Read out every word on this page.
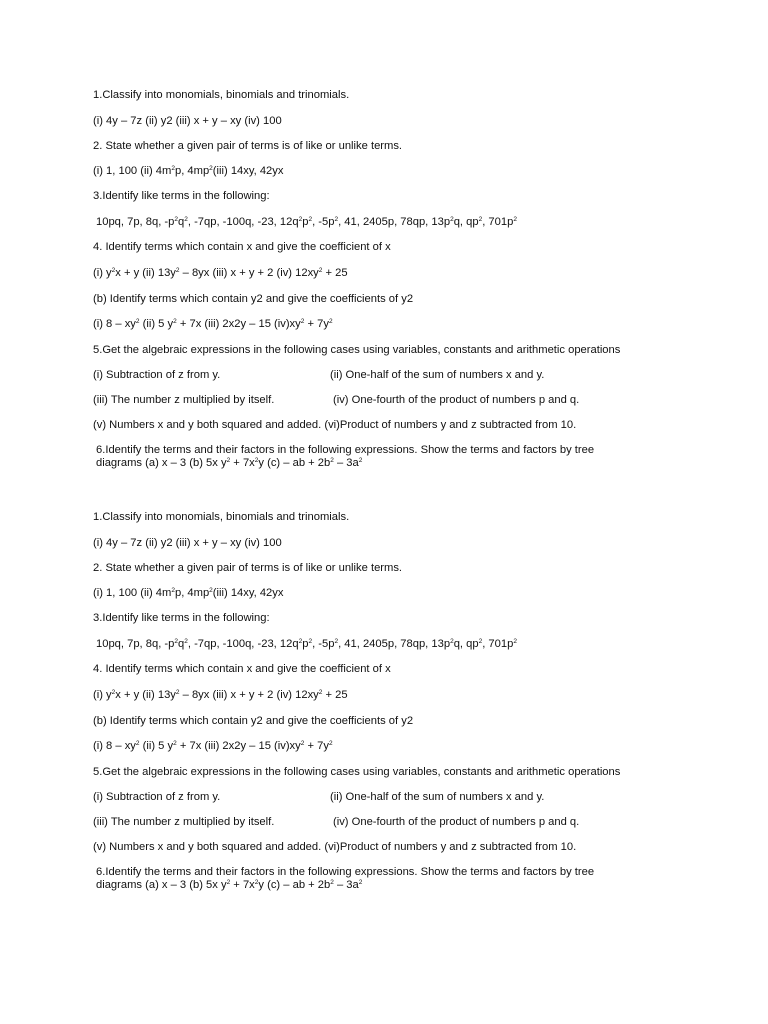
1.Classify into monomials, binomials and trinomials.
(i) 4y – 7z (ii) y2 (iii) x + y – xy (iv) 100
2. State whether a given pair of terms is of like or unlike terms.
(i) 1, 100 (ii) $4m^2p$, $4mp^2(iii)$ 14xy, 42yx
3.Identify like terms in the following:
10pq, 7p, 8q, $-p^2q^2$, -7qp, -100q, -23, $12q^2p^2$, $-5p^2$, 41, 2405p, 78qp, $13p^2q$, $qp^2$, $701p^2$
4. Identify terms which contain x and give the coefficient of x
(i) $y^2x + y$ (ii) $13y^2 - 8yx$ (iii) x + y + 2 (iv) $12xy^2 + 25$
(b) Identify terms which contain y2 and give the coefficients of y2
(i) $8 - xy^2$ (ii) 5 $y^2 + 7x$ (iii) 2x2y – 15 $(iv)xy^2 + 7y^2$
5.Get the algebraic expressions in the following cases using variables, constants and arithmetic operations
(i) Subtraction of z from y.	(ii) One-half of the sum of numbers x and y.
(iii) The number z multiplied by itself.	(iv) One-fourth of the product of numbers p and q.
(v) Numbers x and y both squared and added. (vi)Product of numbers y and z subtracted from 10.
6.Identify the terms and their factors in the following expressions. Show the terms and factors by tree diagrams (a) x – 3 (b) 5x $y^2 + 7x^2y$ (c) – ab + $2b^2 - 3a^2$
1.Classify into monomials, binomials and trinomials.
(i) 4y – 7z (ii) y2 (iii) x + y – xy (iv) 100
2. State whether a given pair of terms is of like or unlike terms.
(i) 1, 100 (ii) $4m^2p$, $4mp^2(iii)$ 14xy, 42yx
3.Identify like terms in the following:
10pq, 7p, 8q, $-p^2q^2$, -7qp, -100q, -23, $12q^2p^2$, $-5p^2$, 41, 2405p, 78qp, $13p^2q$, $qp^2$, $701p^2$
4. Identify terms which contain x and give the coefficient of x
(i) $y^2x + y$ (ii) $13y^2 - 8yx$ (iii) x + y + 2 (iv) $12xy^2 + 25$
(b) Identify terms which contain y2 and give the coefficients of y2
(i) $8 - xy^2$ (ii) 5 $y^2 + 7x$ (iii) 2x2y – 15 $(iv)xy^2 + 7y^2$
5.Get the algebraic expressions in the following cases using variables, constants and arithmetic operations
(i) Subtraction of z from y.	(ii) One-half of the sum of numbers x and y.
(iii) The number z multiplied by itself.	(iv) One-fourth of the product of numbers p and q.
(v) Numbers x and y both squared and added. (vi)Product of numbers y and z subtracted from 10.
6.Identify the terms and their factors in the following expressions. Show the terms and factors by tree diagrams (a) x – 3 (b) 5x $y^2 + 7x^2y$ (c) – ab + $2b^2 - 3a^2$
